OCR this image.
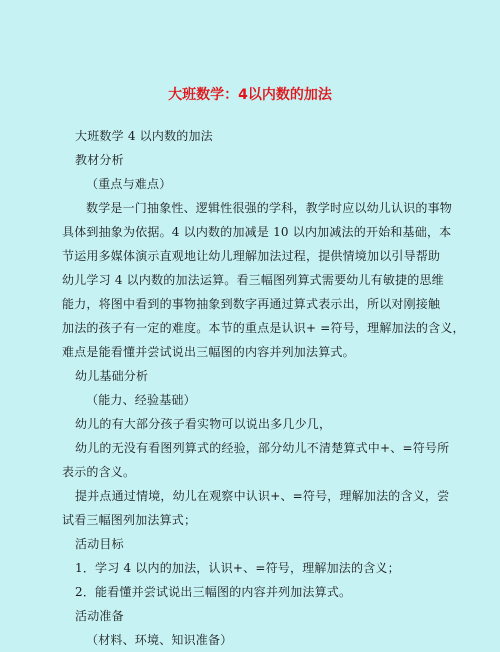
大班数学：4以内数的加法
大班数学 4 以内数的加法
教材分析
（重点与难点）
数学是一门抽象性、逻辑性很强的学科，教学时应以幼儿认识的事物
具体到抽象为依据。4 以内数的加减是 10 以内加减法的开始和基础，本
节运用多媒体演示直观地让幼儿理解加法过程，提供情境加以引导帮助
幼儿学习 4 以内数的加法运算。看三幅图列算式需要幼儿有敏捷的思维
能力，将图中看到的事物抽象到数字再通过算式表示出，所以对刚接触
加法的孩子有一定的难度。本节的重点是认识+ =符号，理解加法的含义，
难点是能看懂并尝试说出三幅图的内容并列加法算式。
幼儿基础分析
（能力、经验基础）
幼儿的有大部分孩子看实物可以说出多几少几，
幼儿的无没有看图列算式的经验，部分幼儿不清楚算式中+、=符号所
表示的含义。
提并点通过情境，幼儿在观察中认识+、=符号，理解加法的含义，尝
试看三幅图列加法算式；
活动目标
1．学习 4 以内的加法，认识+、=符号，理解加法的含义；
2．能看懂并尝试说出三幅图的内容并列加法算式。
活动准备
（材料、环境、知识准备）
